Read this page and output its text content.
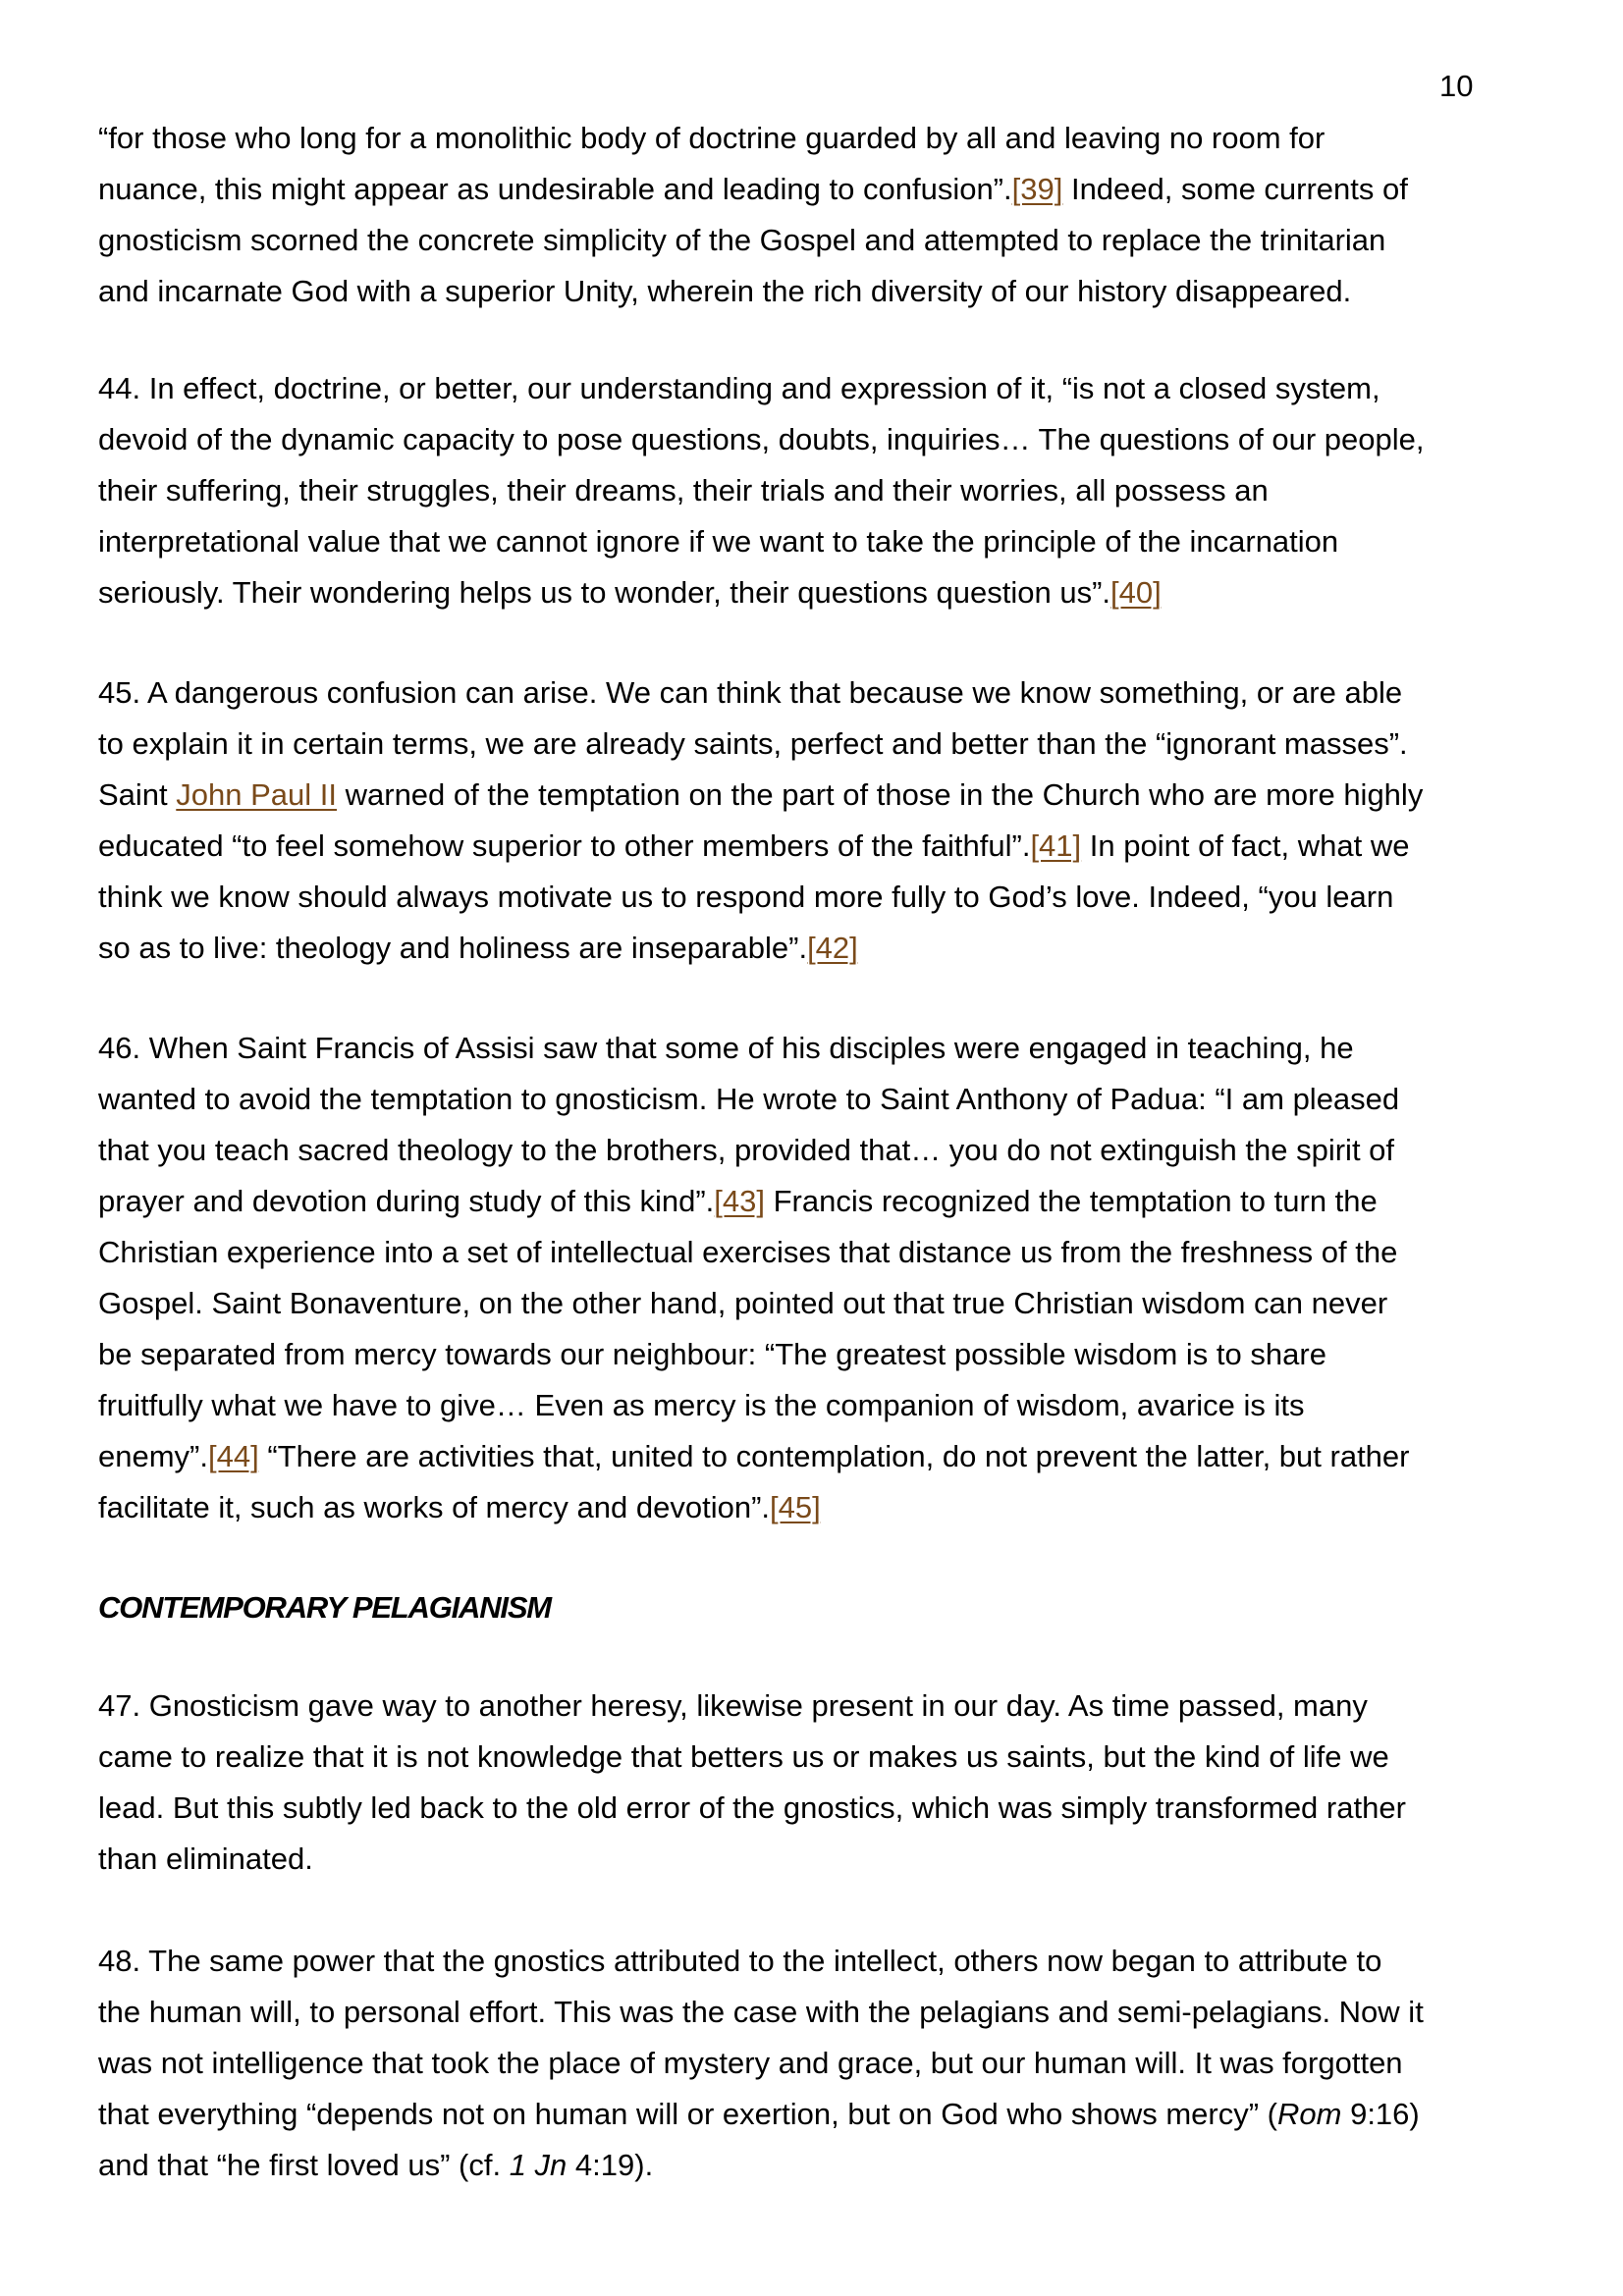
10
“for those who long for a monolithic body of doctrine guarded by all and leaving no room for
nuance, this might appear as undesirable and leading to confusion”.[39] Indeed, some currents of
gnosticism scorned the concrete simplicity of the Gospel and attempted to replace the trinitarian
and incarnate God with a superior Unity, wherein the rich diversity of our history disappeared.
44. In effect, doctrine, or better, our understanding and expression of it, “is not a closed system,
devoid of the dynamic capacity to pose questions, doubts, inquiries… The questions of our people,
their suffering, their struggles, their dreams, their trials and their worries, all possess an
interpretational value that we cannot ignore if we want to take the principle of the incarnation
seriously. Their wondering helps us to wonder, their questions question us”.[40]
45. A dangerous confusion can arise. We can think that because we know something, or are able
to explain it in certain terms, we are already saints, perfect and better than the “ignorant masses”.
Saint John Paul II warned of the temptation on the part of those in the Church who are more highly
educated “to feel somehow superior to other members of the faithful”.[41] In point of fact, what we
think we know should always motivate us to respond more fully to God’s love. Indeed, “you learn
so as to live: theology and holiness are inseparable”.[42]
46. When Saint Francis of Assisi saw that some of his disciples were engaged in teaching, he
wanted to avoid the temptation to gnosticism. He wrote to Saint Anthony of Padua: “I am pleased
that you teach sacred theology to the brothers, provided that… you do not extinguish the spirit of
prayer and devotion during study of this kind”.[43] Francis recognized the temptation to turn the
Christian experience into a set of intellectual exercises that distance us from the freshness of the
Gospel. Saint Bonaventure, on the other hand, pointed out that true Christian wisdom can never
be separated from mercy towards our neighbour: “The greatest possible wisdom is to share
fruitfully what we have to give… Even as mercy is the companion of wisdom, avarice is its
enemy”.[44] “There are activities that, united to contemplation, do not prevent the latter, but rather
facilitate it, such as works of mercy and devotion”.[45]
CONTEMPORARY PELAGIANISM
47. Gnosticism gave way to another heresy, likewise present in our day. As time passed, many
came to realize that it is not knowledge that betters us or makes us saints, but the kind of life we
lead. But this subtly led back to the old error of the gnostics, which was simply transformed rather
than eliminated.
48. The same power that the gnostics attributed to the intellect, others now began to attribute to
the human will, to personal effort. This was the case with the pelagians and semi-pelagians. Now it
was not intelligence that took the place of mystery and grace, but our human will. It was forgotten
that everything “depends not on human will or exertion, but on God who shows mercy” (Rom 9:16)
and that “he first loved us” (cf. 1 Jn 4:19).
